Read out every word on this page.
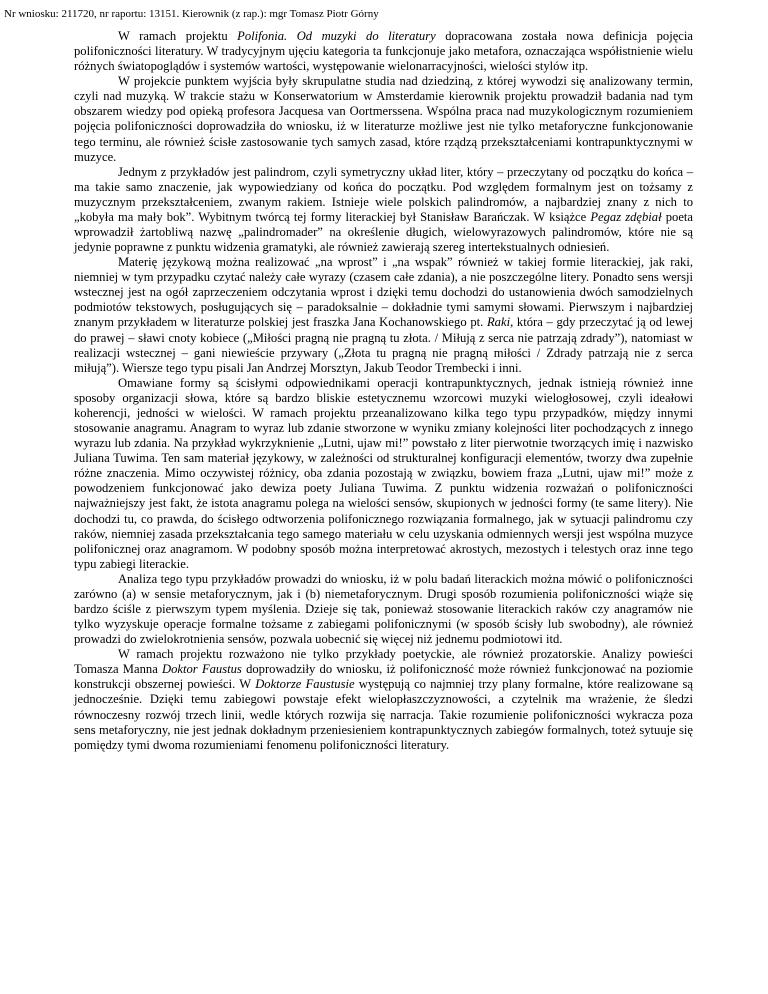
Nr wniosku: 211720, nr raportu: 13151. Kierownik (z rap.): mgr Tomasz Piotr Górny

W ramach projektu Polifonia. Od muzyki do literatury dopracowana została nowa definicja pojęcia polifoniczności literatury. W tradycyjnym ujęciu kategoria ta funkcjonuje jako metafora, oznaczająca współistnienie wielu różnych światopoglądów i systemów wartości, występowanie wielonarracyjności, wielości stylów itp.

W projekcie punktem wyjścia były skrupulatne studia nad dziedziną, z której wywodzi się analizowany termin, czyli nad muzyką. W trakcie stażu w Konserwatorium w Amsterdamie kierownik projektu prowadził badania nad tym obszarem wiedzy pod opieką profesora Jacquesa van Oortmerssena. Wspólna praca nad muzykologicznym rozumieniem pojęcia polifoniczności doprowadziła do wniosku, iż w literaturze możliwe jest nie tylko metaforyczne funkcjonowanie tego terminu, ale również ścisłe zastosowanie tych samych zasad, które rządzą przekształceniami kontrapunktycznymi w muzyce.

Jednym z przykładów jest palindrom, czyli symetryczny układ liter, który – przeczytany od początku do końca – ma takie samo znaczenie, jak wypowiedziany od końca do początku. Pod względem formalnym jest on tożsamy z muzycznym przekształceniem, zwanym rakiem. Istnieje wiele polskich palindromów, a najbardziej znany z nich to „kobyła ma mały bok”. Wybitnym twórcą tej formy literackiej był Stanisław Barańczak. W książce Pegaz zdębiał poeta wprowadził żartobliwą nazwę „palindromader” na określenie długich, wielowyrazowych palindromów, które nie są jedynie poprawne z punktu widzenia gramatyki, ale również zawierają szereg intertekstualnych odniesień.

Materię językową można realizować „na wprost” i „na wspak” również w takiej formie literackiej, jak raki, niemniej w tym przypadku czytać należy całe wyrazy (czasem całe zdania), a nie poszczególne litery. Ponadto sens wersji wstecznej jest na ogół zaprzeczeniem odczytania wprost i dzięki temu dochodzi do ustanowienia dwóch samodzielnych podmiotów tekstowych, posługujących się – paradoksalnie – dokładnie tymi samymi słowami. Pierwszym i najbardziej znanym przykładem w literaturze polskiej jest fraszka Jana Kochanowskiego pt. Raki, która – gdy przeczytać ją od lewej do prawej – sławi cnoty kobiece („Miłości pragną nie pragną tu złota. / Miłują z serca nie patrzają zdrady”), natomiast w realizacji wstecznej – gani niewieście przywary („Złota tu pragną nie pragną miłości / Zdrady patrzają nie z serca miłują”). Wiersze tego typu pisali Jan Andrzej Morsztyn, Jakub Teodor Trembecki i inni.

Omawiane formy są ścisłymi odpowiednikami operacji kontrapunktycznych, jednak istnieją również inne sposoby organizacji słowa, które są bardzo bliskie estetycznemu wzorcowi muzyki wielogłosowej, czyli ideałowi koherencji, jedności w wielości. W ramach projektu przeanalizowano kilka tego typu przypadków, między innymi stosowanie anagramu. Anagram to wyraz lub zdanie stworzone w wyniku zmiany kolejności liter pochodzących z innego wyrazu lub zdania. Na przykład wykrzyknienie „Lutni, ujaw mi!” powstało z liter pierwotnie tworzących imię i nazwisko Juliana Tuwima. Ten sam materiał językowy, w zależności od strukturalnej konfiguracji elementów, tworzy dwa zupełnie różne znaczenia. Mimo oczywistej różnicy, oba zdania pozostają w związku, bowiem fraza „Lutni, ujaw mi!” może z powodzeniem funkcjonować jako dewiza poety Juliana Tuwima. Z punktu widzenia rozważań o polifoniczności najważniejszy jest fakt, że istota anagramu polega na wielości sensów, skupionych w jedności formy (te same litery). Nie dochodzi tu, co prawda, do ścisłego odtworzenia polifonicznego rozwiązania formalnego, jak w sytuacji palindromu czy raków, niemniej zasada przekształcania tego samego materiału w celu uzyskania odmiennych wersji jest wspólna muzyce polifonicznej oraz anagramom. W podobny sposób można interpretować akrostych, mezostych i telestych oraz inne tego typu zabiegi literackie.

Analiza tego typu przykładów prowadzi do wniosku, iż w polu badań literackich można mówić o polifoniczności zarówno (a) w sensie metaforycznym, jak i (b) niemetaforycznym. Drugi sposób rozumienia polifoniczności wiąże się bardzo ściśle z pierwszym typem myślenia. Dzieje się tak, ponieważ stosowanie literackich raków czy anagramów nie tylko wyzyskuje operacje formalne tożsame z zabiegami polifonicznymi (w sposób ścisły lub swobodny), ale również prowadzi do zwielokrotnienia sensów, pozwala uobecnić się więcej niż jednemu podmiotowi itd.

W ramach projektu rozważono nie tylko przykłady poetyckie, ale również prozatorskie. Analizy powieści Tomasza Manna Doktor Faustus doprowadziły do wniosku, iż polifoniczność może również funkcjonować na poziomie konstrukcji obszernej powieści. W Doktorze Faustusie występują co najmniej trzy plany formalne, które realizowane są jednocześnie. Dzięki temu zabiegowi powstaje efekt wielopłaszczyznowości, a czytelnik ma wrażenie, że śledzi równoczesny rozwój trzech linii, wedle których rozwija się narracja. Takie rozumienie polifoniczności wykracza poza sens metaforyczny, nie jest jednak dokładnym przeniesieniem kontrapunktycznych zabiegów formalnych, toteż sytuuje się pomiędzy tymi dwoma rozumieniami fenomenu polifoniczności literatury.
